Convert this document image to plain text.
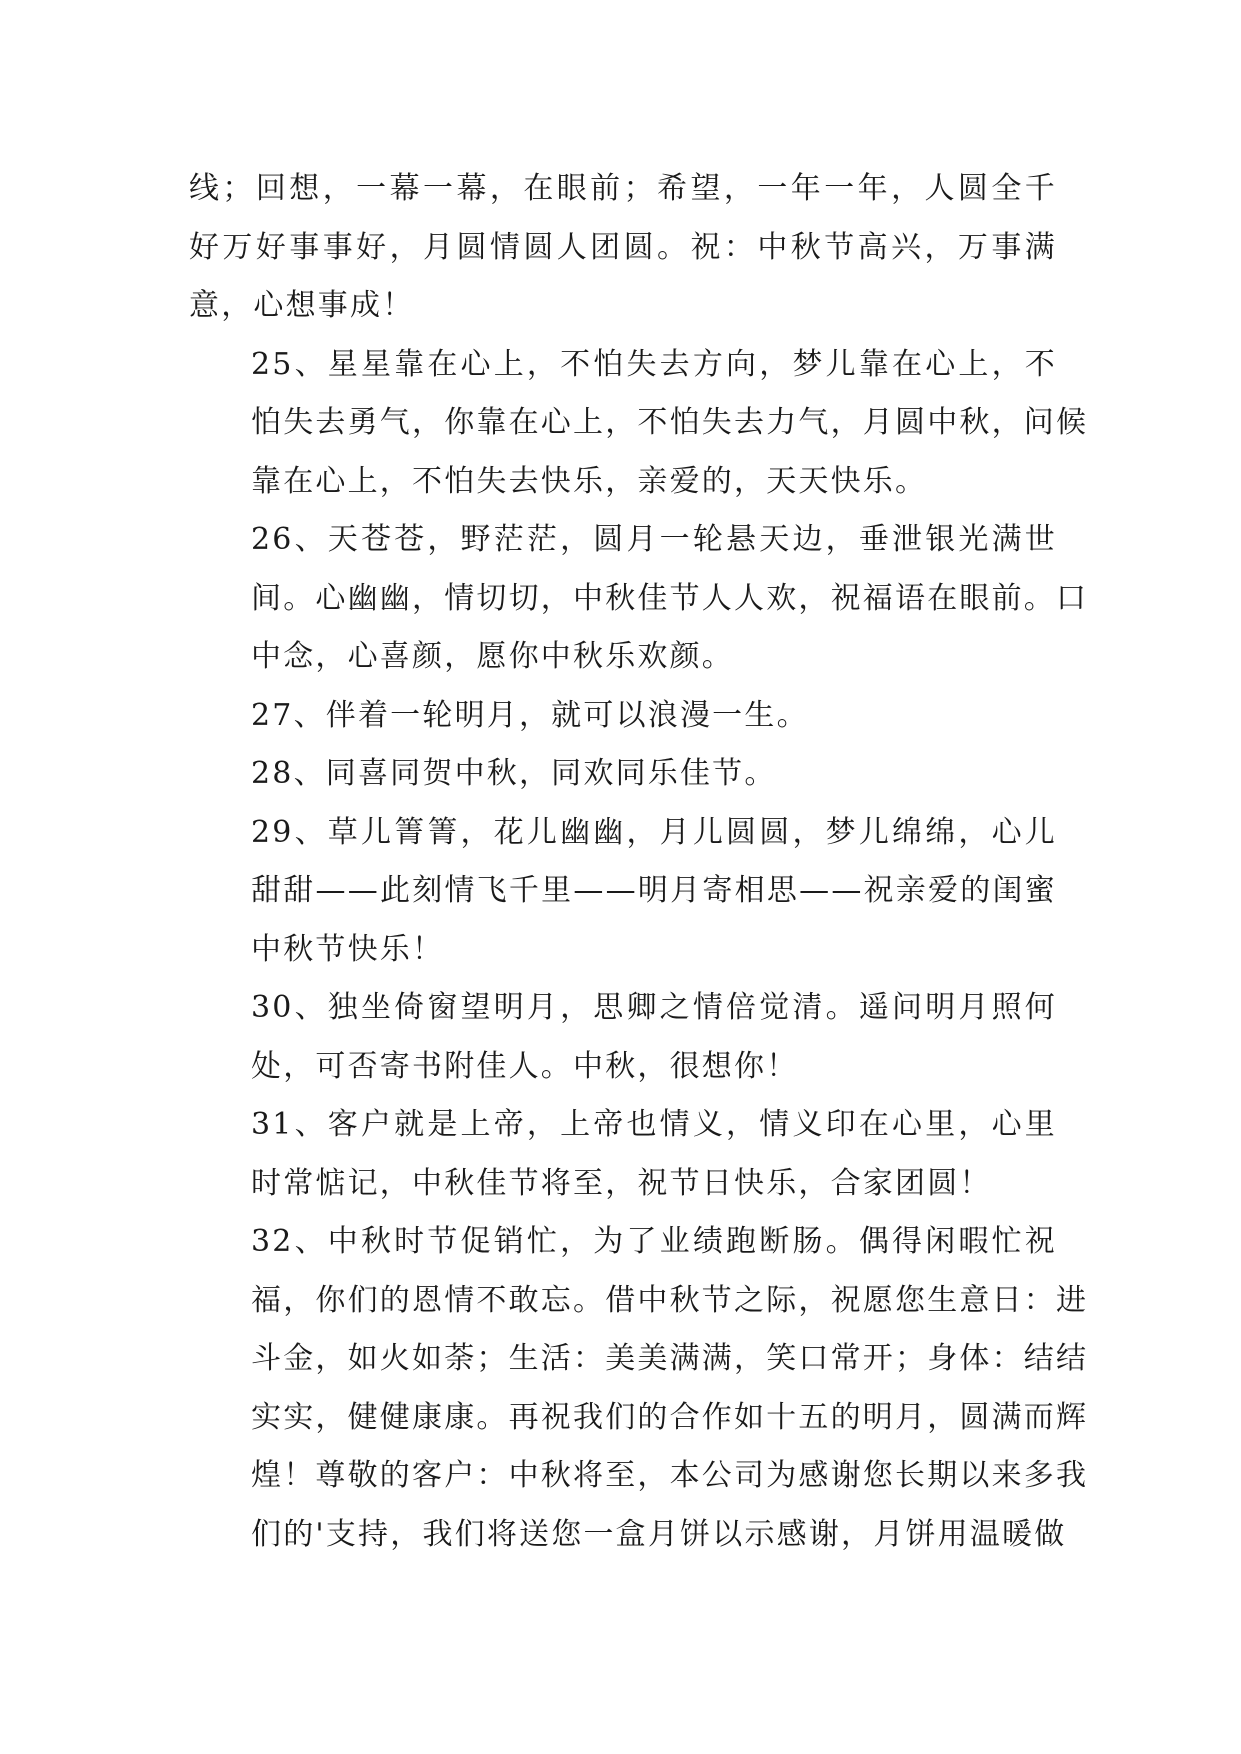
线；回想，一幕一幕，在眼前；希望，一年一年，人圆全千
好万好事事好，月圆情圆人团圆。祝：中秋节高兴，万事满
意，心想事成！
25、星星靠在心上，不怕失去方向，梦儿靠在心上，不
怕失去勇气，你靠在心上，不怕失去力气，月圆中秋，问候
靠在心上，不怕失去快乐，亲爱的，天天快乐。
26、天苍苍，野茫茫，圆月一轮悬天边，垂泄银光满世
间。心幽幽，情切切，中秋佳节人人欢，祝福语在眼前。口
中念，心喜颜，愿你中秋乐欢颜。
27、伴着一轮明月，就可以浪漫一生。
28、同喜同贺中秋，同欢同乐佳节。
29、草儿箐箐，花儿幽幽，月儿圆圆，梦儿绵绵，心儿
甜甜——此刻情飞千里——明月寄相思——祝亲爱的闺蜜
中秋节快乐！
30、独坐倚窗望明月，思卿之情倍觉清。遥问明月照何
处，可否寄书附佳人。中秋，很想你！
31、客户就是上帝，上帝也情义，情义印在心里，心里
时常惦记，中秋佳节将至，祝节日快乐，合家团圆！
32、中秋时节促销忙，为了业绩跑断肠。偶得闲暇忙祝
福，你们的恩情不敢忘。借中秋节之际，祝愿您生意日：进
斗金，如火如荼；生活：美美满满，笑口常开；身体：结结
实实，健健康康。再祝我们的合作如十五的明月，圆满而辉
煌！尊敬的客户：中秋将至，本公司为感谢您长期以来多我
们的'支持，我们将送您一盒月饼以示感谢，月饼用温暖做
